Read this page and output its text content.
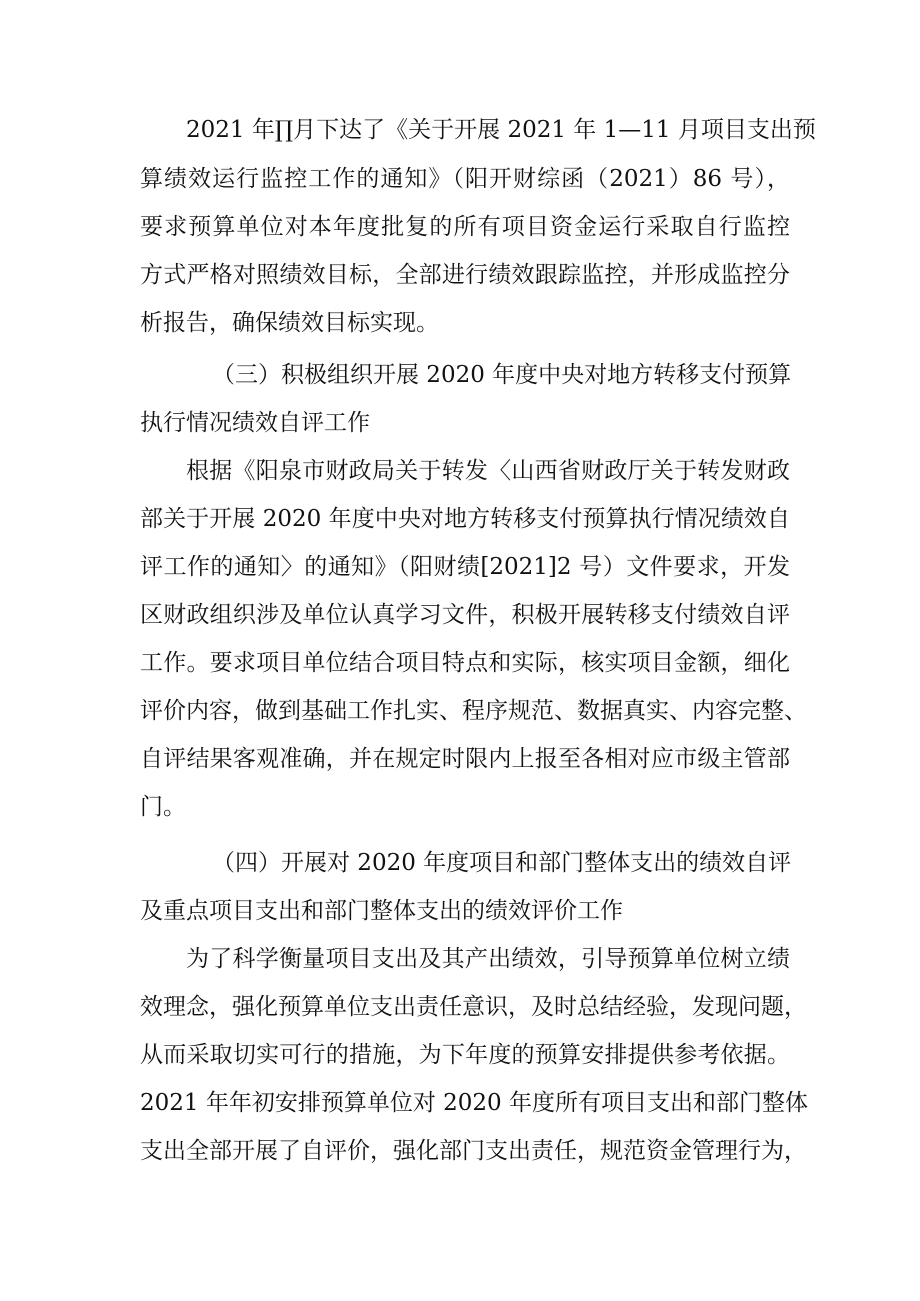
2021 年∏月下达了《关于开展 2021 年 1—11 月项目支出预
算绩效运行监控工作的通知》（阳开财综函（2021）86 号），
要求预算单位对本年度批复的所有项目资金运行采取自行监控
方式严格对照绩效目标，全部进行绩效跟踪监控，并形成监控分
析报告，确保绩效目标实现。
（三）积极组织开展 2020 年度中央对地方转移支付预算
执行情况绩效自评工作
根据《阳泉市财政局关于转发〈山西省财政厅关于转发财政
部关于开展 2020 年度中央对地方转移支付预算执行情况绩效自
评工作的通知〉的通知》（阳财绩[2021]2 号）文件要求，开发
区财政组织涉及单位认真学习文件，积极开展转移支付绩效自评
工作。要求项目单位结合项目特点和实际，核实项目金额，细化
评价内容，做到基础工作扎实、程序规范、数据真实、内容完整、
自评结果客观准确，并在规定时限内上报至各相对应市级主管部
门。
（四）开展对 2020 年度项目和部门整体支出的绩效自评
及重点项目支出和部门整体支出的绩效评价工作
为了科学衡量项目支出及其产出绩效，引导预算单位树立绩
效理念，强化预算单位支出责任意识，及时总结经验，发现问题，
从而采取切实可行的措施，为下年度的预算安排提供参考依据。
2021 年年初安排预算单位对 2020 年度所有项目支出和部门整体
支出全部开展了自评价，强化部门支出责任，规范资金管理行为，
